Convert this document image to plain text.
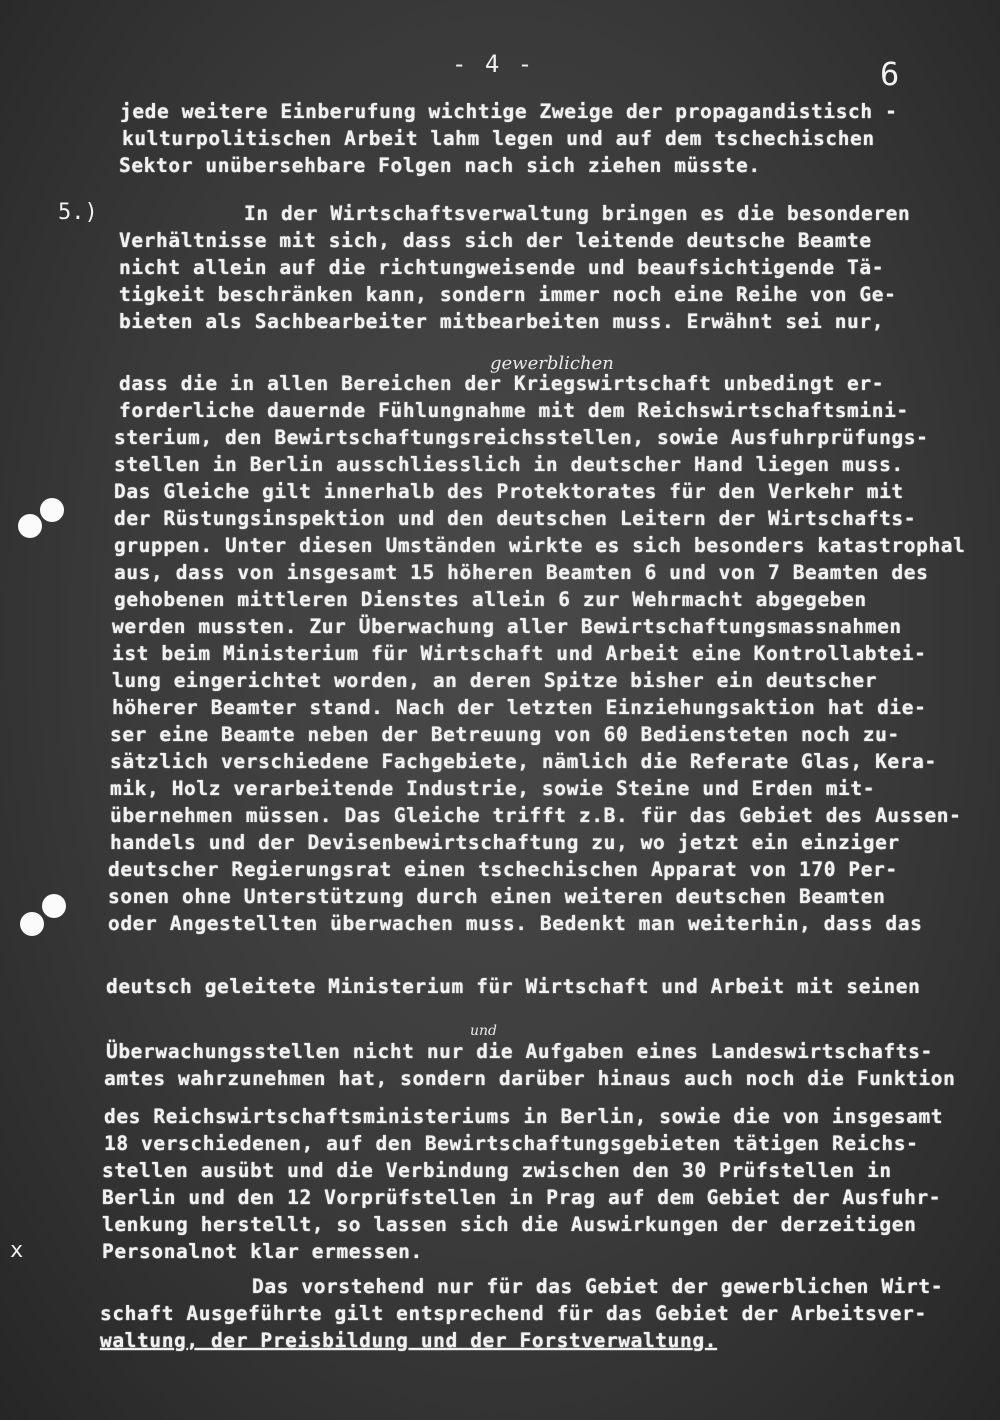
- 4 -	6
5.)
x
gewerblichen
und
jede weitere Einberufung wichtige Zweige der propagandistisch -
kulturpolitischen Arbeit lahm legen und auf dem tschechischen
Sektor unübersehbare Folgen nach sich ziehen müsste.
In der Wirtschaftsverwaltung bringen es die besonderen
Verhältnisse mit sich, dass sich der leitende deutsche Beamte
nicht allein auf die richtungweisende und beaufsichtigende Tä-
tigkeit beschränken kann, sondern immer noch eine Reihe von Ge-
bieten als Sachbearbeiter mitbearbeiten muss. Erwähnt sei nur,
dass die in allen Bereichen der Kriegswirtschaft unbedingt er-
forderliche dauernde Fühlungnahme mit dem Reichswirtschaftsmini-
sterium, den Bewirtschaftungsreichsstellen, sowie Ausfuhrprüfungs-
stellen in Berlin ausschliesslich in deutscher Hand liegen muss.
Das Gleiche gilt innerhalb des Protektorates für den Verkehr mit
der Rüstungsinspektion und den deutschen Leitern der Wirtschafts-
gruppen. Unter diesen Umständen wirkte es sich besonders katastrophal
aus, dass von insgesamt 15 höheren Beamten 6 und von 7 Beamten des
gehobenen mittleren Dienstes allein 6 zur Wehrmacht abgegeben
werden mussten. Zur Überwachung aller Bewirtschaftungsmassnahmen
ist beim Ministerium für Wirtschaft und Arbeit eine Kontrollabtei-
lung eingerichtet worden, an deren Spitze bisher ein deutscher
höherer Beamter stand. Nach der letzten Einziehungsaktion hat die-
ser eine Beamte neben der Betreuung von 60 Bediensteten noch zu-
sätzlich verschiedene Fachgebiete, nämlich die Referate Glas, Kera-
mik, Holz verarbeitende Industrie, sowie Steine und Erden mit-
übernehmen müssen. Das Gleiche trifft z.B. für das Gebiet des Aussen-
handels und der Devisenbewirtschaftung zu, wo jetzt ein einziger
deutscher Regierungsrat einen tschechischen Apparat von 170 Per-
sonen ohne Unterstützung durch einen weiteren deutschen Beamten
oder Angestellten überwachen muss. Bedenkt man weiterhin, dass das
deutsch geleitete Ministerium für Wirtschaft und Arbeit mit seinen
Überwachungsstellen nicht nur die Aufgaben eines Landeswirtschafts-
amtes wahrzunehmen hat, sondern darüber hinaus auch noch die Funktion
des Reichswirtschaftsministeriums in Berlin, sowie die von insgesamt
18 verschiedenen, auf den Bewirtschaftungsgebieten tätigen Reichs-
stellen ausübt und die Verbindung zwischen den 30 Prüfstellen in
Berlin und den 12 Vorprüfstellen in Prag auf dem Gebiet der Ausfuhr-
lenkung herstellt, so lassen sich die Auswirkungen der derzeitigen
Personalnot klar ermessen.
Das vorstehend nur für das Gebiet der gewerblichen Wirt-
schaft Ausgeführte gilt entsprechend für das Gebiet der Arbeitsver-
waltung, der Preisbildung und der Forstverwaltung.
